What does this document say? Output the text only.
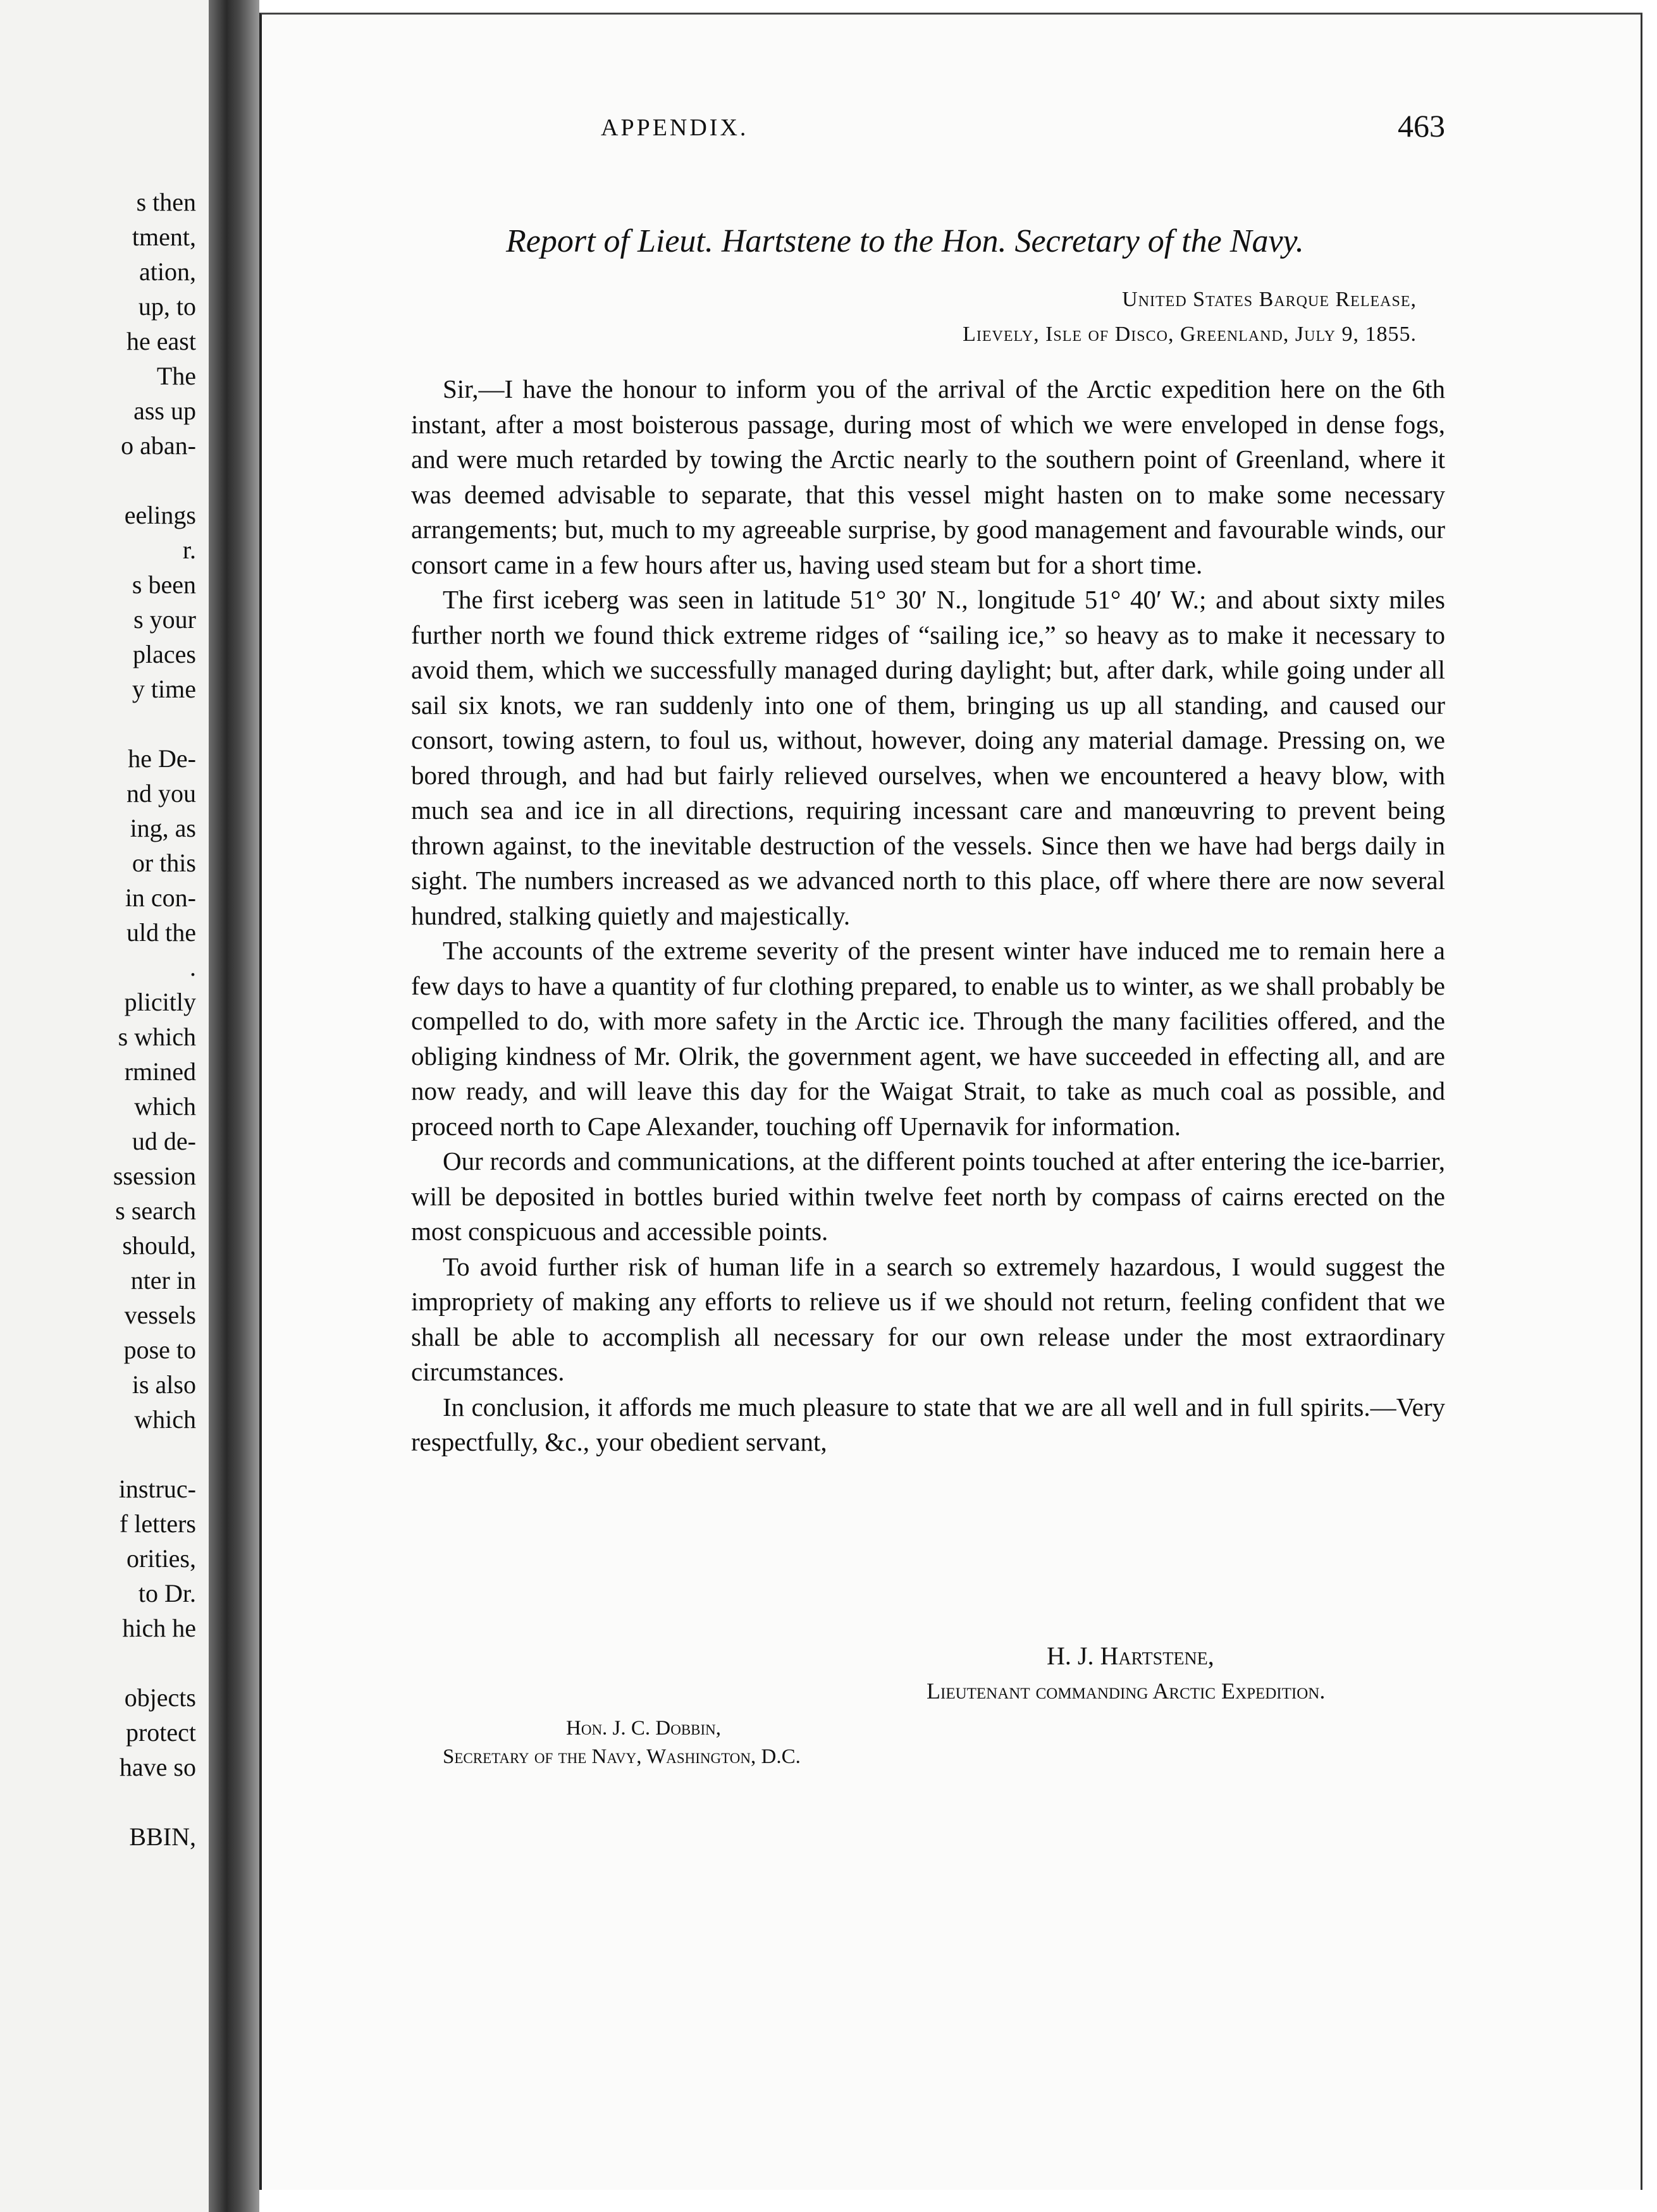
s then
tment,
ation,
up, to
he east
The
ass up
o aban-
eelings
r.
s been
s your
places
y time
he De-
nd you
ing, as
or this
in con-
uld the
.
plicitly
s which
rmined
which
ud de-
ssession
s search
should,
nter in
vessels
pose to
is also
which
instruc-
f letters
orities,
to Dr.
hich he
objects
protect
have so
BBIN,
APPENDIX.	463
Report of Lieut. Hartstene to the Hon. Secretary of the Navy.
United States Barque Release,
Lievely, Isle of Disco, Greenland, July 9, 1855.

Sir,—I have the honour to inform you of the arrival of the Arctic expedition here on the 6th instant, after a most boisterous passage, during most of which we were enveloped in dense fogs, and were much retarded by towing the Arctic nearly to the southern point of Greenland, where it was deemed advisable to separate, that this vessel might hasten on to make some necessary arrangements; but, much to my agreeable surprise, by good management and favourable winds, our consort came in a few hours after us, having used steam but for a short time.

The first iceberg was seen in latitude 51° 30′ N., longitude 51° 40′ W.; and about sixty miles further north we found thick extreme ridges of “sailing ice,” so heavy as to make it necessary to avoid them, which we successfully managed during daylight; but, after dark, while going under all sail six knots, we ran suddenly into one of them, bringing us up all standing, and caused our consort, towing astern, to foul us, without, however, doing any material damage. Pressing on, we bored through, and had but fairly relieved ourselves, when we encountered a heavy blow, with much sea and ice in all directions, requiring incessant care and manœuvring to prevent being thrown against, to the inevitable destruction of the vessels. Since then we have had bergs daily in sight. The numbers increased as we advanced north to this place, off where there are now several hundred, stalking quietly and majestically.

The accounts of the extreme severity of the present winter have induced me to remain here a few days to have a quantity of fur clothing prepared, to enable us to winter, as we shall probably be compelled to do, with more safety in the Arctic ice. Through the many facilities offered, and the obliging kindness of Mr. Olrik, the government agent, we have succeeded in effecting all, and are now ready, and will leave this day for the Waigat Strait, to take as much coal as possible, and proceed north to Cape Alexander, touching off Upernavik for information.

Our records and communications, at the different points touched at after entering the ice-barrier, will be deposited in bottles buried within twelve feet north by compass of cairns erected on the most conspicuous and accessible points.

To avoid further risk of human life in a search so extremely hazardous, I would suggest the impropriety of making any efforts to relieve us if we should not return, feeling confident that we shall be able to accomplish all necessary for our own release under the most extraordinary circumstances.

In conclusion, it affords me much pleasure to state that we are all well and in full spirits.—Very respectfully, &c., your obedient servant,

H. J. Hartstene,
Lieutenant commanding Arctic Expedition.
Hon. J. C. Dobbin,
Secretary of the Navy, Washington, D.C.
